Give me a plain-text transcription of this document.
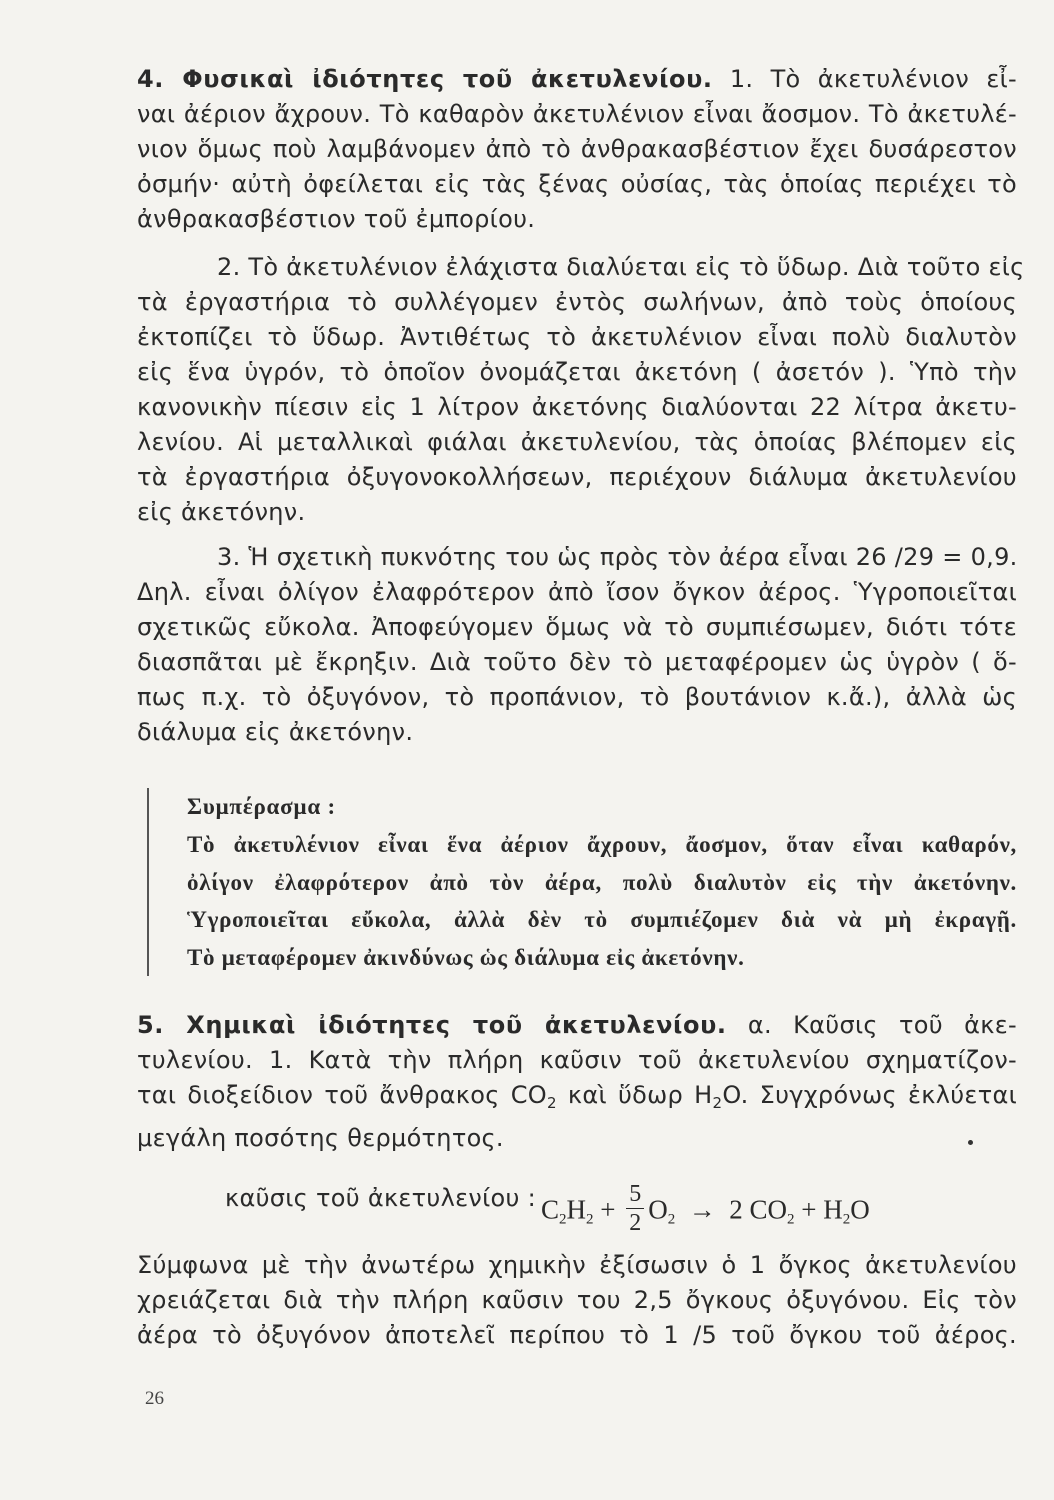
4. Φυσικαὶ ἰδιότητες τοῦ ἀκετυλενίου. 1. Τὸ ἀκετυλένιον εἶ-
ναι ἀέριον ἄχρουν. Τὸ καθαρὸν ἀκετυλένιον εἶναι ἄοσμον. Τὸ ἀκετυλέ-
νιον ὅμως ποὺ λαμβάνομεν ἀπὸ τὸ ἀνθρακασβέστιον ἔχει δυσάρεστον
ὀσμήν· αὐτὴ ὀφείλεται εἰς τὰς ξένας οὐσίας, τὰς ὁποίας περιέχει τὸ
ἀνθρακασβέστιον τοῦ ἐμπορίου.
2. Τὸ ἀκετυλένιον ἐλάχιστα διαλύεται εἰς τὸ ὕδωρ. Διὰ τοῦτο εἰς
τὰ ἐργαστήρια τὸ συλλέγομεν ἐντὸς σωλήνων, ἀπὸ τοὺς ὁποίους
ἐκτοπίζει τὸ ὕδωρ. Ἀντιθέτως τὸ ἀκετυλένιον εἶναι πολὺ διαλυτὸν
εἰς ἕνα ὑγρόν, τὸ ὁποῖον ὀνομάζεται ἀκετόνη ( ἀσετόν ). Ὑπὸ τὴν
κανονικὴν πίεσιν εἰς 1 λίτρον ἀκετόνης διαλύονται 22 λίτρα ἀκετυ-
λενίου. Αἱ μεταλλικαὶ φιάλαι ἀκετυλενίου, τὰς ὁποίας βλέπομεν εἰς
τὰ ἐργαστήρια ὀξυγονοκολλήσεων, περιέχουν διάλυμα ἀκετυλενίου
εἰς ἀκετόνην.
3. Ἡ σχετικὴ πυκνότης του ὡς πρὸς τὸν ἀέρα εἶναι 26 /29 = 0,9.
Δηλ. εἶναι ὀλίγον ἐλαφρότερον ἀπὸ ἴσον ὄγκον ἀέρος. Ὑγροποιεῖται
σχετικῶς εὔκολα. Ἀποφεύγομεν ὅμως νὰ τὸ συμπιέσωμεν, διότι τότε
διασπᾶται μὲ ἔκρηξιν. Διὰ τοῦτο δὲν τὸ μεταφέρομεν ὡς ὑγρὸν ( ὅ-
πως π.χ. τὸ ὀξυγόνον, τὸ προπάνιον, τὸ βουτάνιον κ.ἄ.), ἀλλὰ ὡς
διάλυμα εἰς ἀκετόνην.
Συμπέρασμα :
Τὸ ἀκετυλένιον εἶναι ἕνα ἀέριον ἄχρουν, ἄοσμον, ὅταν εἶναι καθαρόν,
ὀλίγον ἐλαφρότερον ἀπὸ τὸν ἀέρα, πολὺ διαλυτὸν εἰς τὴν ἀκετόνην.
Ὑγροποιεῖται εὔκολα, ἀλλὰ δὲν τὸ συμπιέζομεν διὰ νὰ μὴ ἐκραγῇ.
Τὸ μεταφέρομεν ἀκινδύνως ὡς διάλυμα εἰς ἀκετόνην.
5. Χημικαὶ ἰδιότητες τοῦ ἀκετυλενίου. α. Καῦσις τοῦ ἀκε-
τυλενίου. 1. Κατὰ τὴν πλήρη καῦσιν τοῦ ἀκετυλενίου σχηματίζον-
ται διοξείδιον τοῦ ἄνθρακος $CO_2$ καὶ ὕδωρ $H_2O$. Συγχρόνως ἐκλύεται
μεγάλη ποσότης θερμότητος.
καῦσις τοῦ ἀκετυλενίου : $C_2H_2 + \frac{5}{2} O_2 \to 2$ $CO_2 + H_2O$
Σύμφωνα μὲ τὴν ἀνωτέρω χημικὴν ἐξίσωσιν ὁ 1 ὄγκος ἀκετυλενίου
χρειάζεται διὰ τὴν πλήρη καῦσιν του 2,5 ὄγκους ὀξυγόνου. Εἰς τὸν
ἀέρα τὸ ὀξυγόνον ἀποτελεῖ περίπου τὸ 1 /5 τοῦ ὄγκου τοῦ ἀέρος.
26
